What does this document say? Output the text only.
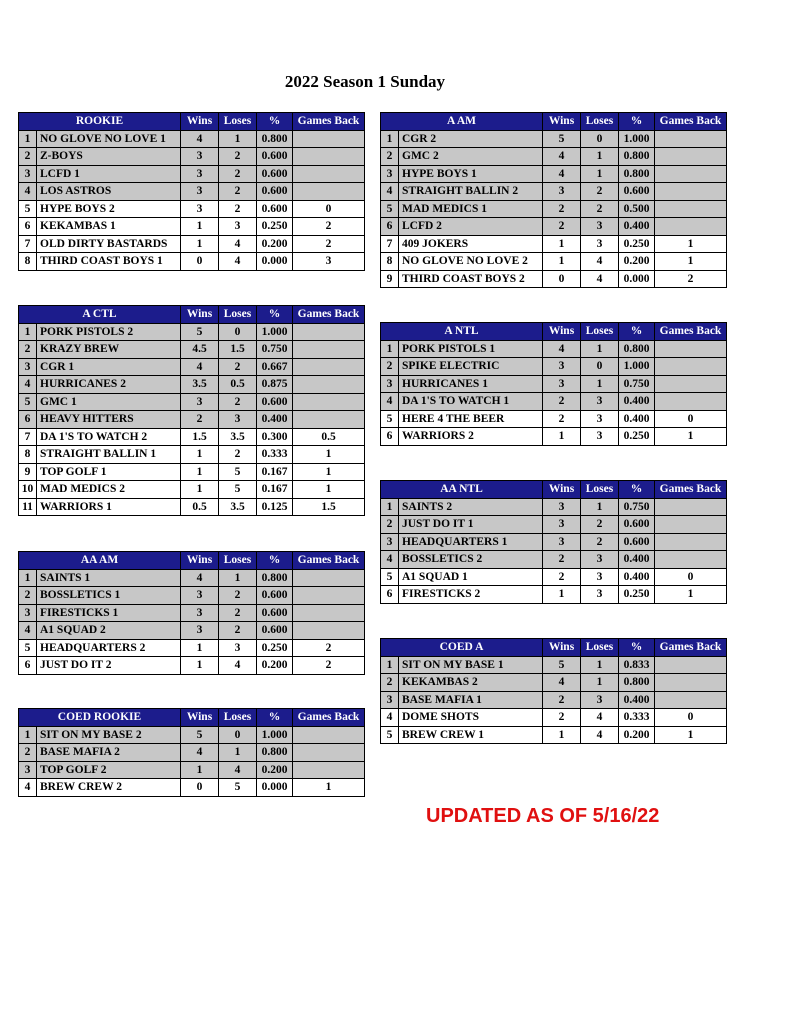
2022 Season 1 Sunday
ROOKIE		Wins	Loses	%	Games Back
1	NO GLOVE NO LOVE 1	4	1	0.800	
2	Z-BOYS	3	2	0.600	
3	LCFD 1	3	2	0.600	
4	LOS ASTROS	3	2	0.600	
5	HYPE BOYS 2	3	2	0.600	0
6	KEKAMBAS 1	1	3	0.250	2
7	OLD DIRTY BASTARDS	1	4	0.200	2
8	THIRD COAST BOYS 1	0	4	0.000	3
A AM		Wins	Loses	%	Games Back
1	CGR 2	5	0	1.000	
2	GMC 2	4	1	0.800	
3	HYPE BOYS 1	4	1	0.800	
4	STRAIGHT BALLIN 2	3	2	0.600	
5	MAD MEDICS 1	2	2	0.500	
6	LCFD 2	2	3	0.400	
7	409 JOKERS	1	3	0.250	1
8	NO GLOVE NO LOVE 2	1	4	0.200	1
9	THIRD COAST BOYS 2	0	4	0.000	2
A CTL		Wins	Loses	%	Games Back
1	PORK PISTOLS 2	5	0	1.000	
2	KRAZY BREW	4.5	1.5	0.750	
3	CGR 1	4	2	0.667	
4	HURRICANES 2	3.5	0.5	0.875	
5	GMC 1	3	2	0.600	
6	HEAVY HITTERS	2	3	0.400	
7	DA 1'S TO WATCH 2	1.5	3.5	0.300	0.5
8	STRAIGHT BALLIN 1	1	2	0.333	1
9	TOP GOLF 1	1	5	0.167	1
10	MAD MEDICS 2	1	5	0.167	1
11	WARRIORS 1	0.5	3.5	0.125	1.5
A NTL		Wins	Loses	%	Games Back
1	PORK PISTOLS 1	4	1	0.800	
2	SPIKE ELECTRIC	3	0	1.000	
3	HURRICANES 1	3	1	0.750	
4	DA 1'S TO WATCH 1	2	3	0.400	
5	HERE 4 THE BEER	2	3	0.400	0
6	WARRIORS 2	1	3	0.250	1
AA NTL		Wins	Loses	%	Games Back
1	SAINTS 2	3	1	0.750	
2	JUST DO IT 1	3	2	0.600	
3	HEADQUARTERS 1	3	2	0.600	
4	BOSSLETICS 2	2	3	0.400	
5	A1 SQUAD 1	2	3	0.400	0
6	FIRESTICKS 2	1	3	0.250	1
AA AM		Wins	Loses	%	Games Back
1	SAINTS 1	4	1	0.800	
2	BOSSLETICS 1	3	2	0.600	
3	FIRESTICKS 1	3	2	0.600	
4	A1 SQUAD 2	3	2	0.600	
5	HEADQUARTERS 2	1	3	0.250	2
6	JUST DO IT 2	1	4	0.200	2
COED A		Wins	Loses	%	Games Back
1	SIT ON MY BASE 1	5	1	0.833	
2	KEKAMBAS 2	4	1	0.800	
3	BASE MAFIA 1	2	3	0.400	
4	DOME SHOTS	2	4	0.333	0
5	BREW CREW 1	1	4	0.200	1
COED ROOKIE		Wins	Loses	%	Games Back
1	SIT ON MY BASE 2	5	0	1.000	
2	BASE MAFIA 2	4	1	0.800	
3	TOP GOLF 2	1	4	0.200	
4	BREW CREW 2	0	5	0.000	1
UPDATED AS OF 5/16/22
